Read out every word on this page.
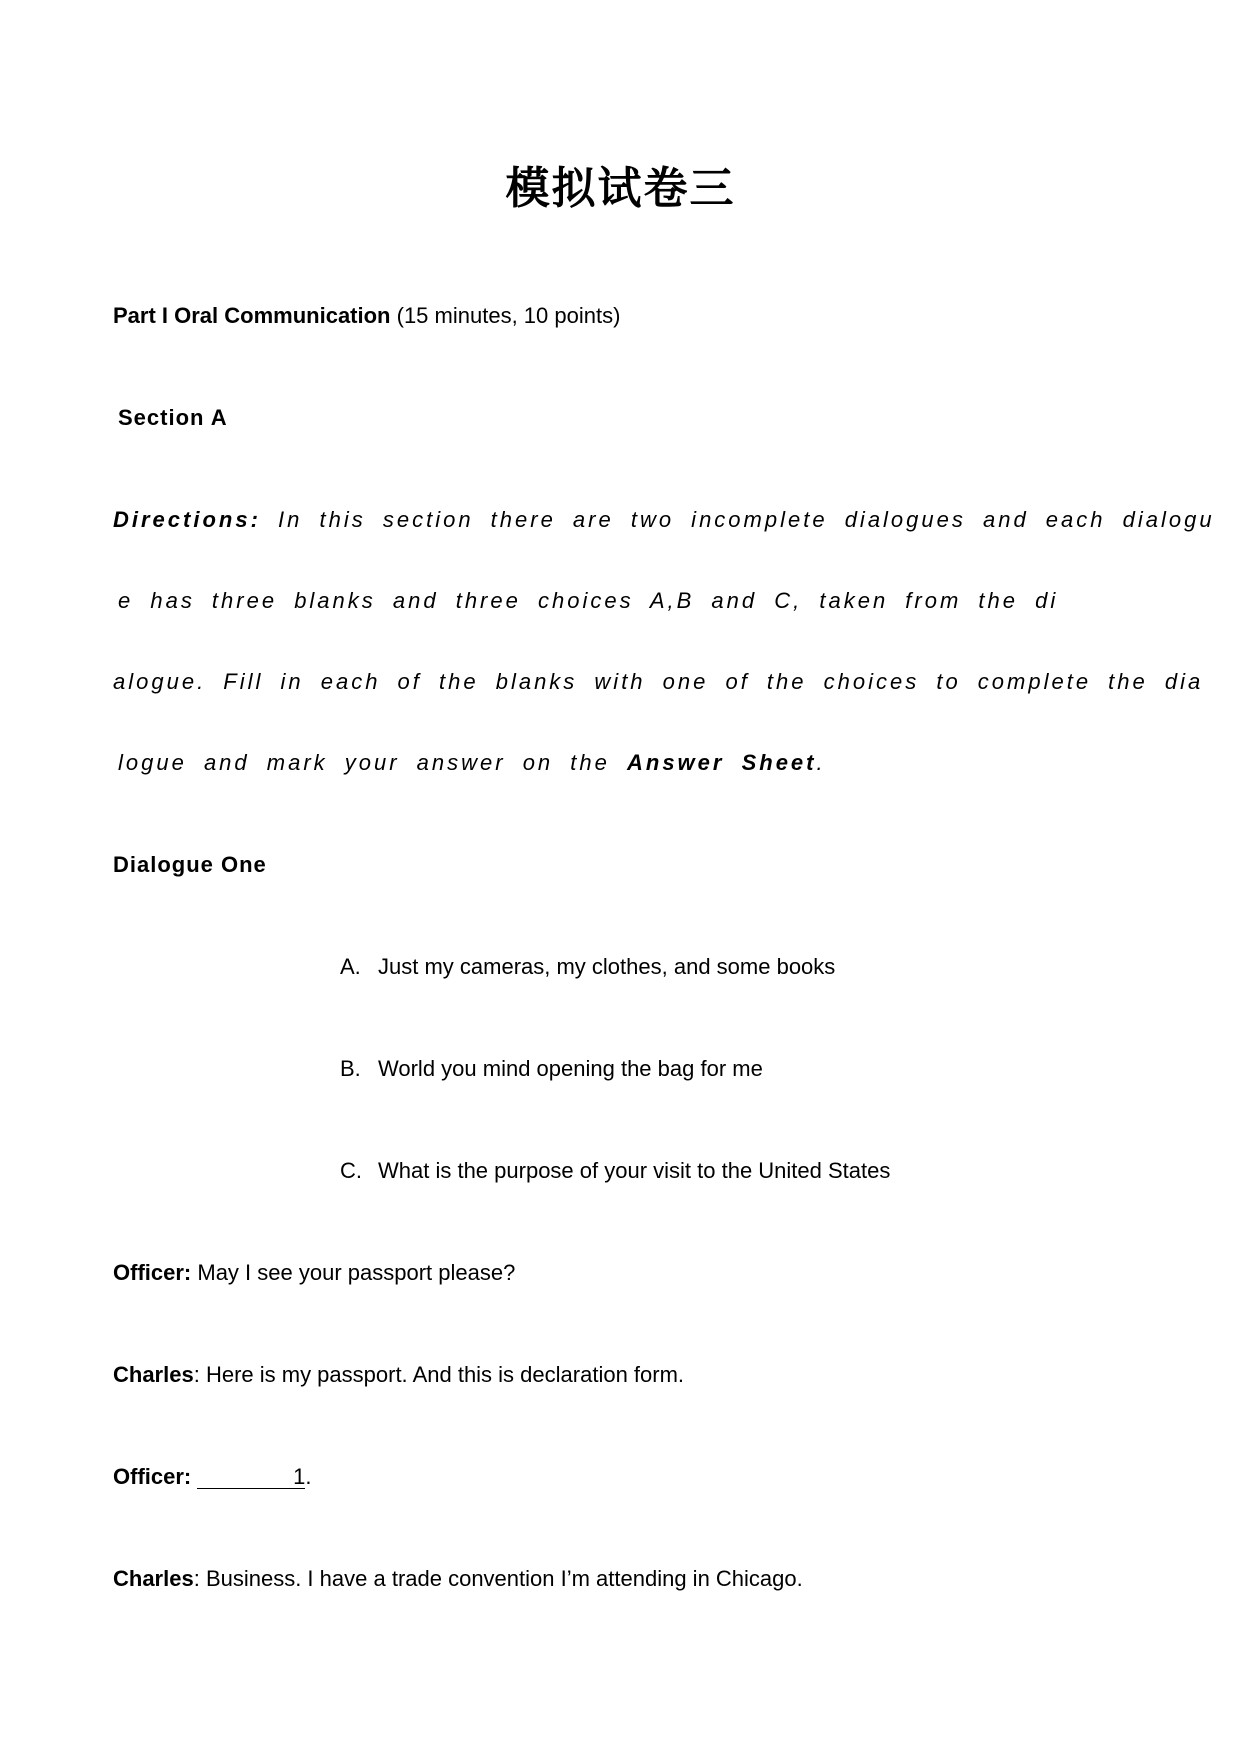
模拟试卷三
Part I Oral Communication (15 minutes, 10 points)
Section A
Directions: In this section there are two incomplete dialogues and each dialogu
e has three blanks and three choices A,B and C, taken from the di
alogue. Fill in each of the blanks with one of the choices to complete the dia
logue and mark your answer on the Answer Sheet.
Dialogue One
A. Just my cameras, my clothes, and some books
B. World you mind opening the bag for me
C. What is the purpose of your visit to the United States
Officer: May I see your passport please?
Charles: Here is my passport. And this is declaration form.
Officer:	1.
Charles: Business. I have a trade convention I’m attending in Chicago.
